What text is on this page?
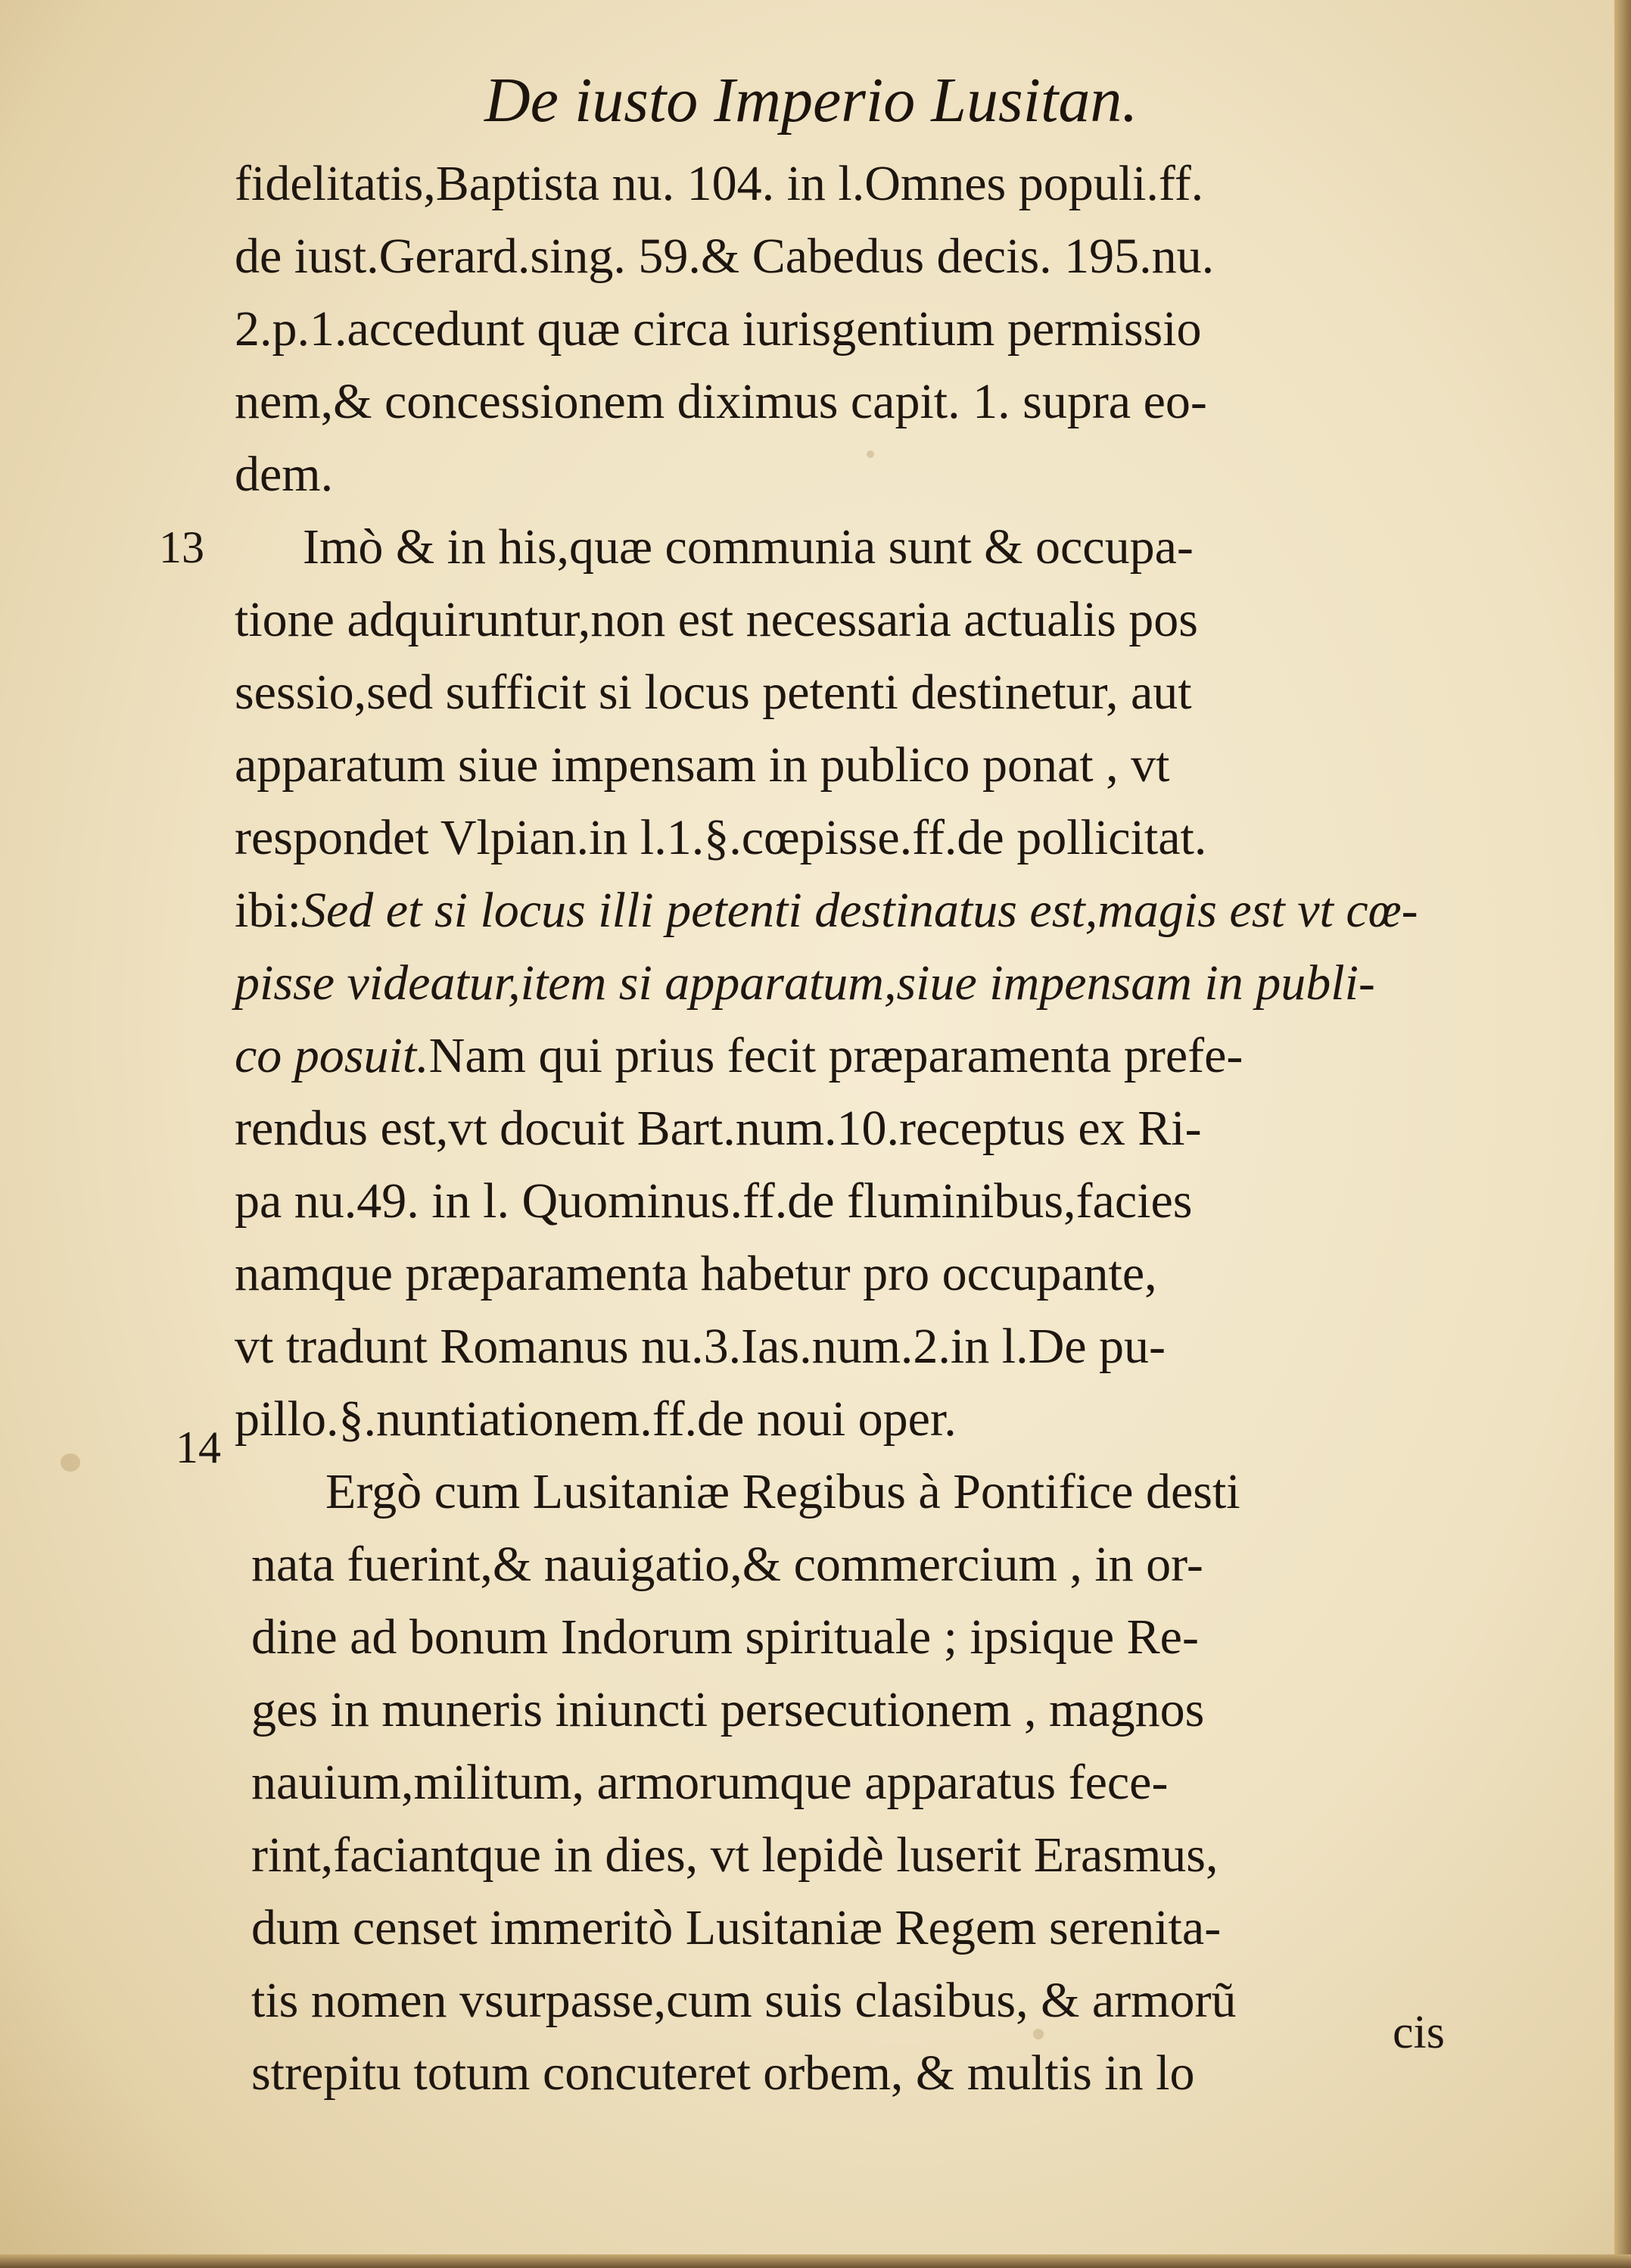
De iusto Imperio Lusitan.
13
14
fidelitatis,Baptista nu. 104. in l.Omnes populi.ff.
de iust.Gerard.sing. 59.& Cabedus decis. 195.nu.
2.p.1.accedunt quæ circa iurisgentium permissio
nem,& concessionem diximus capit. 1. supra eo-
dem.
Imò & in his,quæ communia sunt & occupa-
tione adquiruntur,non est necessaria actualis pos
sessio,sed sufficit si locus petenti destinetur, aut
apparatum siue impensam in publico ponat , vt
respondet Vlpian.in l.1.§.cœpisse.ff.de pollicitat.
ibi:Sed et si locus illi petenti destinatus est,magis est vt cœ-
pisse videatur,item si apparatum,siue impensam in publi-
co posuit.Nam qui prius fecit præparamenta prefe-
rendus est,vt docuit Bart.num.10.receptus ex Ri-
pa nu.49. in l. Quominus.ff.de fluminibus,facies
namque præparamenta habetur pro occupante,
vt tradunt Romanus nu.3.Ias.num.2.in l.De pu-
pillo.§.nuntiationem.ff.de noui oper.
Ergò cum Lusitaniæ Regibus à Pontifice desti
nata fuerint,& nauigatio,& commercium , in or-
dine ad bonum Indorum spirituale ; ipsique Re-
ges in muneris iniuncti persecutionem , magnos
nauium,militum, armorumque apparatus fece-
rint,faciantque in dies, vt lepidè luserit Erasmus,
dum censet immeritò Lusitaniæ Regem serenita-
tis nomen vsurpasse,cum suis clasibus, & armorũ
strepitu totum concuteret orbem, & multis in lo
cis
